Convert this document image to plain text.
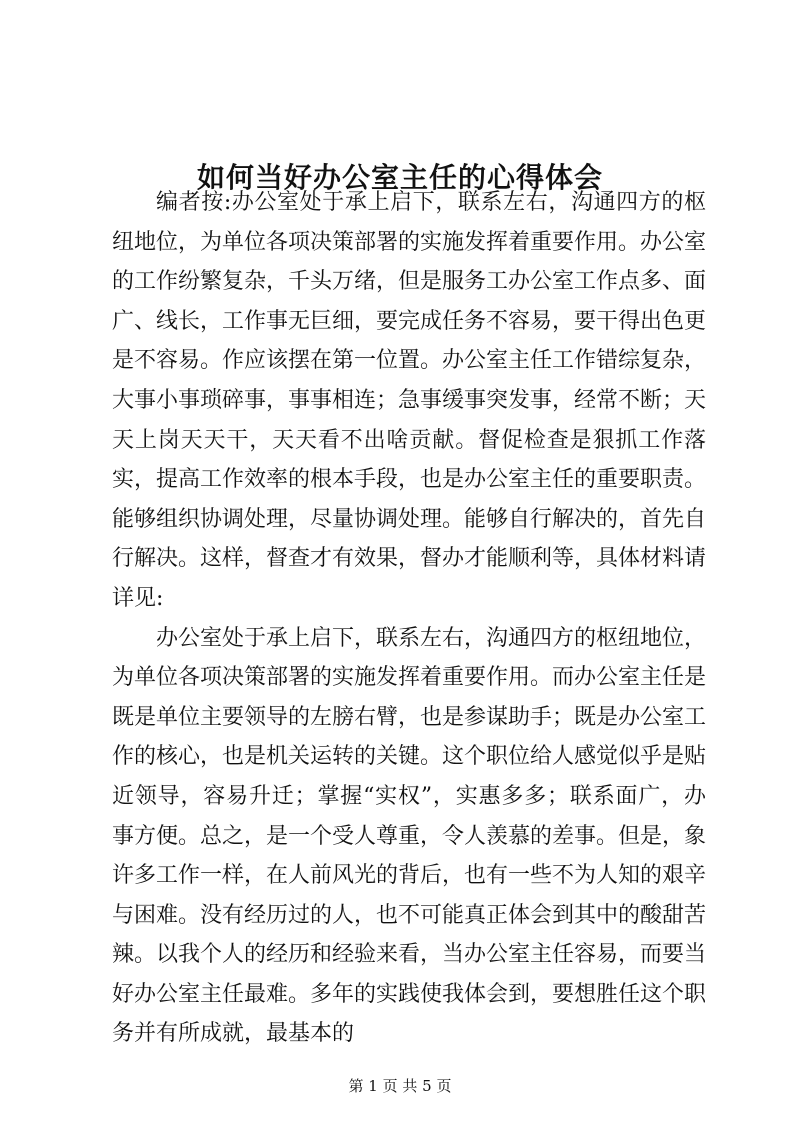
如何当好办公室主任的心得体会

编者按:办公室处于承上启下，联系左右，沟通四方的枢纽地位，为单位各项决策部署的实施发挥着重要作用。办公室的工作纷繁复杂，千头万绪，但是服务工办公室工作点多、面广、线长，工作事无巨细，要完成任务不容易，要干得出色更是不容易。作应该摆在第一位置。办公室主任工作错综复杂，大事小事琐碎事，事事相连；急事缓事突发事，经常不断；天天上岗天天干，天天看不出啥贡献。督促检查是狠抓工作落实，提高工作效率的根本手段，也是办公室主任的重要职责。能够组织协调处理，尽量协调处理。能够自行解决的，首先自行解决。这样，督查才有效果，督办才能顺利等，具体材料请详见:

办公室处于承上启下，联系左右，沟通四方的枢纽地位，为单位各项决策部署的实施发挥着重要作用。而办公室主任是既是单位主要领导的左膀右臂，也是参谋助手；既是办公室工作的核心，也是机关运转的关键。这个职位给人感觉似乎是贴近领导，容易升迁；掌握“实权”，实惠多多；联系面广，办事方便。总之，是一个受人尊重，令人羡慕的差事。但是，象许多工作一样，在人前风光的背后，也有一些不为人知的艰辛与困难。没有经历过的人，也不可能真正体会到其中的酸甜苦辣。以我个人的经历和经验来看，当办公室主任容易，而要当好办公室主任最难。多年的实践使我体会到，要想胜任这个职务并有所成就，最基本的

第 1 页 共 5 页
